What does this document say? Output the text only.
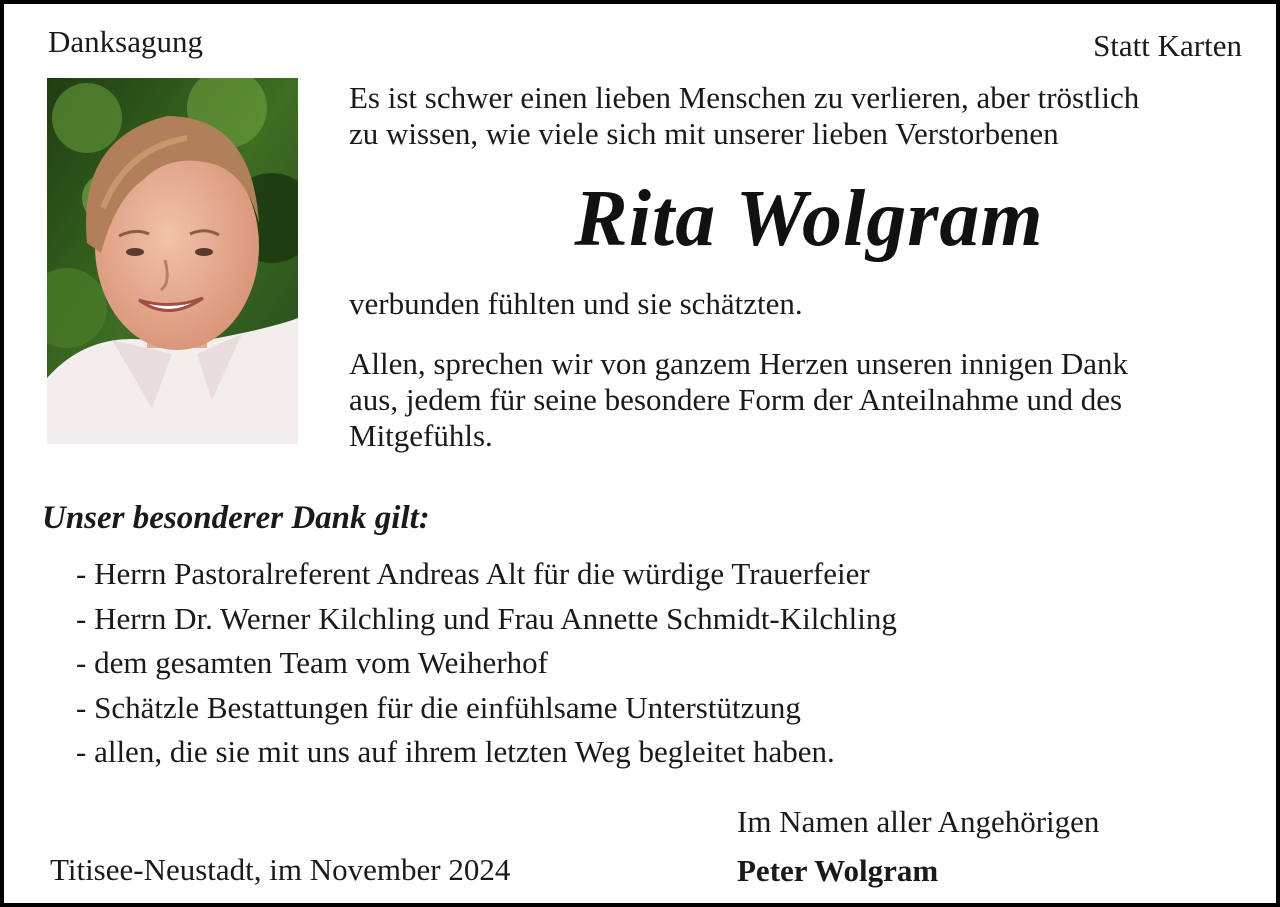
Danksagung	Statt Karten
Es ist schwer einen lieben Menschen zu verlieren, aber tröstlich
zu wissen, wie viele sich mit unserer lieben Verstorbenen
Rita Wolgram
verbunden fühlten und sie schätzten.
Allen, sprechen wir von ganzem Herzen unseren innigen Dank
aus, jedem für seine besondere Form der Anteilnahme und des
Mitgefühls.
Unser besonderer Dank gilt:
- Herrn Pastoralreferent Andreas Alt für die würdige Trauerfeier
- Herrn Dr. Werner Kilchling und Frau Annette Schmidt-Kilchling
- dem gesamten Team vom Weiherhof
- Schätzle Bestattungen für die einfühlsame Unterstützung
- allen, die sie mit uns auf ihrem letzten Weg begleitet haben.
Im Namen aller Angehörigen
Titisee-Neustadt, im November 2024	Peter Wolgram
